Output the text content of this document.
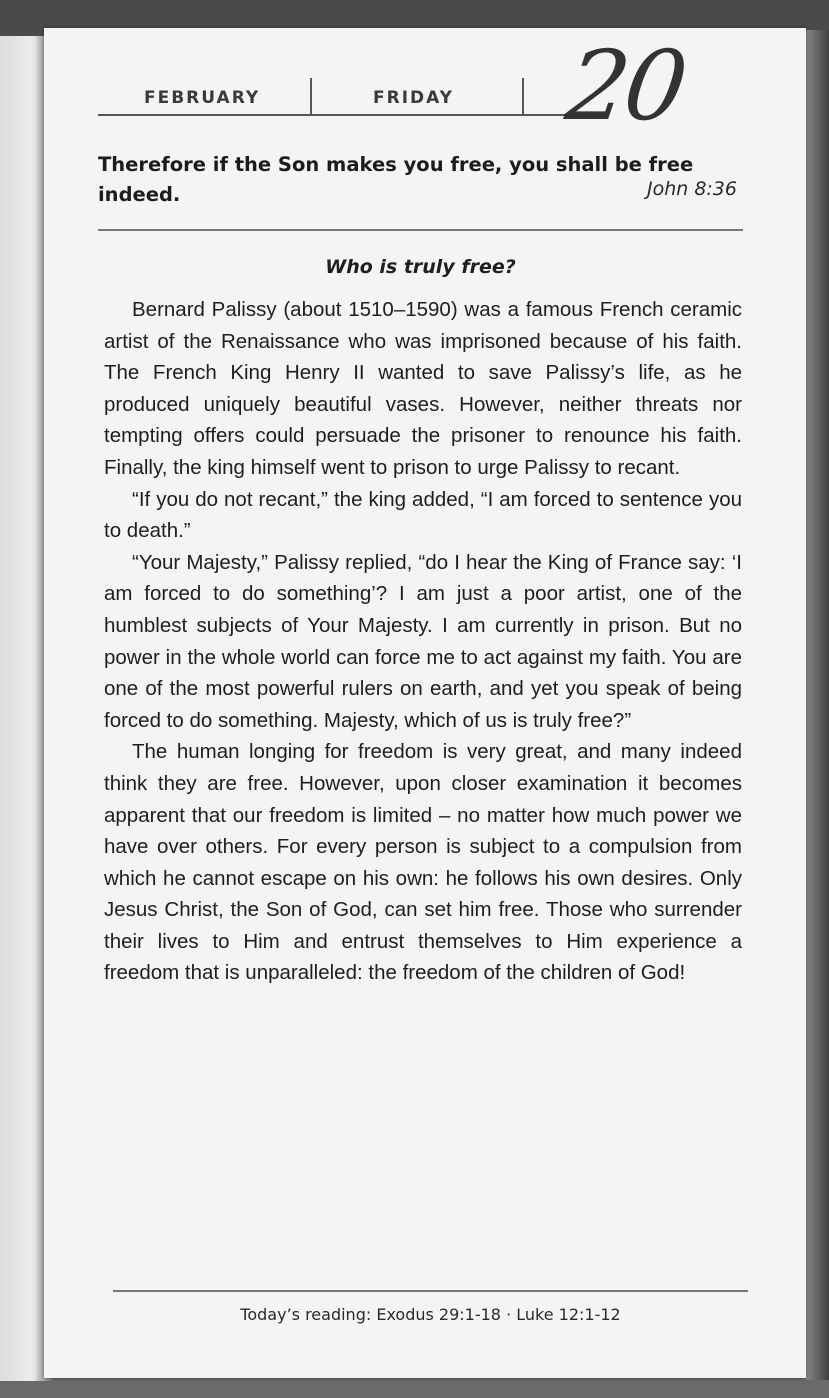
FEBRUARY	FRIDAY 20
Therefore if the Son makes you free, you shall be free indeed.	John 8:36
Who is truly free?

Bernard Palissy (about 1510–1590) was a famous French ceramic artist of the Renaissance who was imprisoned because of his faith. The French King Henry II wanted to save Palissy’s life, as he produced uniquely beautiful vases. However, neither threats nor tempting offers could persuade the prisoner to renounce his faith. Finally, the king himself went to prison to urge Palissy to recant.

“If you do not recant,” the king added, “I am forced to sentence you to death.”

“Your Majesty,” Palissy replied, “do I hear the King of France say: ‘I am forced to do something’? I am just a poor artist, one of the humblest subjects of Your Majesty. I am currently in prison. But no power in the whole world can force me to act against my faith. You are one of the most powerful rulers on earth, and yet you speak of being forced to do something. Majesty, which of us is truly free?”

The human longing for freedom is very great, and many indeed think they are free. However, upon closer examination it becomes apparent that our freedom is limited – no matter how much power we have over others. For every person is subject to a compulsion from which he cannot escape on his own: he follows his own desires. Only Jesus Christ, the Son of God, can set him free. Those who surrender their lives to Him and entrust themselves to Him experience a freedom that is unparalleled: the freedom of the children of God!

Today’s reading: Exodus 29:1-18 · Luke 12:1-12
